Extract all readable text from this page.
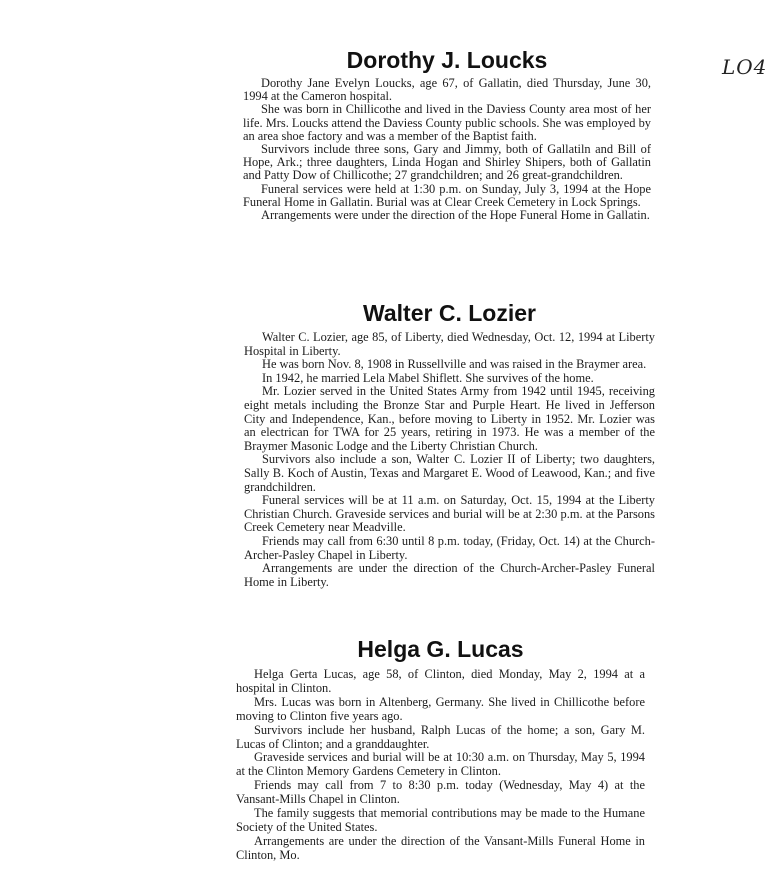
LO4
Dorothy J. Loucks

Dorothy Jane Evelyn Loucks, age 67, of Gallatin, died Thursday, June 30, 1994 at the Cameron hospital.

She was born in Chillicothe and lived in the Daviess County area most of her life. Mrs. Loucks attend the Daviess County public schools. She was employed by an area shoe factory and was a member of the Baptist faith.

Survivors include three sons, Gary and Jimmy, both of Gallatiln and Bill of Hope, Ark.; three daughters, Linda Hogan and Shirley Shipers, both of Gallatin and Patty Dow of Chillicothe; 27 grandchildren; and 26 great-grandchildren.

Funeral services were held at 1:30 p.m. on Sunday, July 3, 1994 at the Hope Funeral Home in Gallatin. Burial was at Clear Creek Cemetery in Lock Springs.

Arrangements were under the direction of the Hope Funeral Home in Gallatin.

Walter C. Lozier

Walter C. Lozier, age 85, of Liberty, died Wednesday, Oct. 12, 1994 at Liberty Hospital in Liberty.

He was born Nov. 8, 1908 in Russellville and was raised in the Braymer area.

In 1942, he married Lela Mabel Shiflett. She survives of the home.

Mr. Lozier served in the United States Army from 1942 until 1945, receiving eight metals including the Bronze Star and Purple Heart. He lived in Jefferson City and Independence, Kan., before moving to Liberty in 1952. Mr. Lozier was an electrican for TWA for 25 years, retiring in 1973. He was a member of the Braymer Masonic Lodge and the Liberty Christian Church.

Survivors also include a son, Walter C. Lozier II of Liberty; two daughters, Sally B. Koch of Austin, Texas and Margaret E. Wood of Leawood, Kan.; and five grandchildren.

Funeral services will be at 11 a.m. on Saturday, Oct. 15, 1994 at the Liberty Christian Church. Graveside services and burial will be at 2:30 p.m. at the Parsons Creek Cemetery near Meadville.

Friends may call from 6:30 until 8 p.m. today, (Friday, Oct. 14) at the Church-Archer-Pasley Chapel in Liberty.

Arrangements are under the direction of the Church-Archer-Pasley Funeral Home in Liberty.

Helga G. Lucas

Helga Gerta Lucas, age 58, of Clinton, died Monday, May 2, 1994 at a hospital in Clinton.

Mrs. Lucas was born in Altenberg, Germany. She lived in Chillicothe before moving to Clinton five years ago.

Survivors include her husband, Ralph Lucas of the home; a son, Gary M. Lucas of Clinton; and a granddaughter.

Graveside services and burial will be at 10:30 a.m. on Thursday, May 5, 1994 at the Clinton Memory Gardens Cemetery in Clinton.

Friends may call from 7 to 8:30 p.m. today (Wednesday, May 4) at the Vansant-Mills Chapel in Clinton.

The family suggests that memorial contributions may be made to the Humane Society of the United States.

Arrangements are under the direction of the Vansant-Mills Funeral Home in Clinton, Mo.
